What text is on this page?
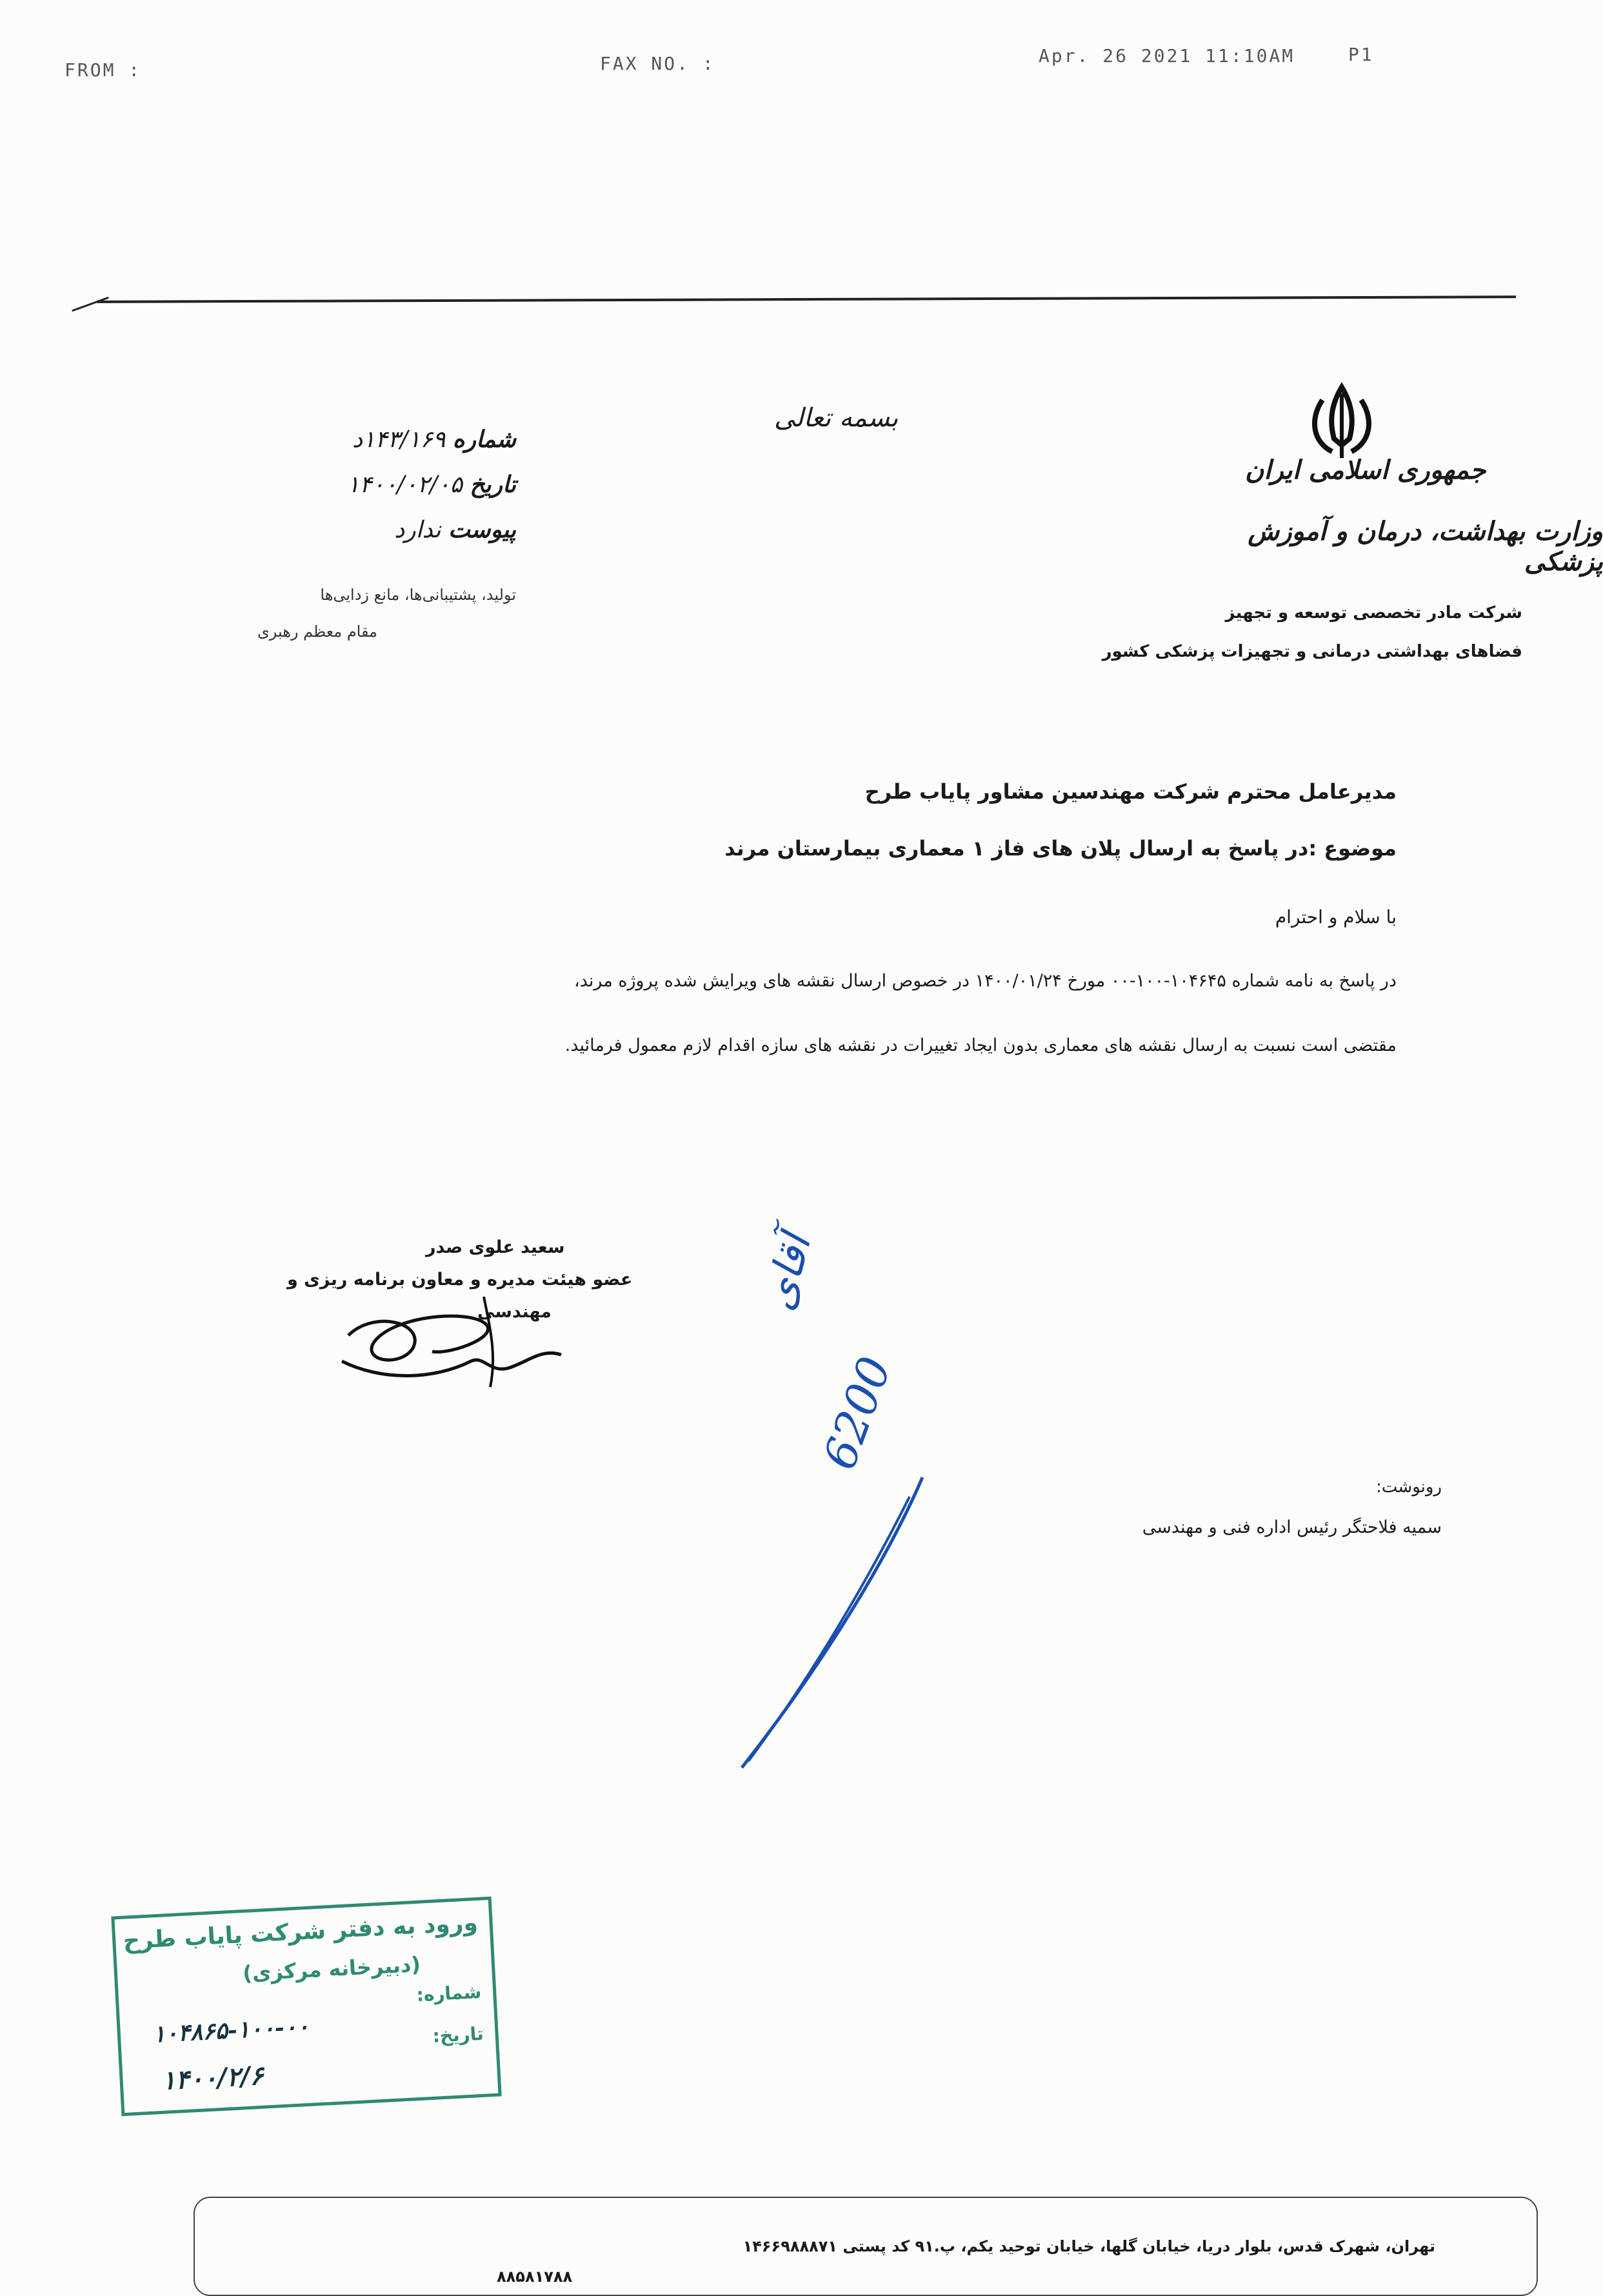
FROM :	FAX NO. :	Apr. 26 2021 11:10AM	P1
بسمه تعالی
جمهوری اسلامی ایران
وزارت بهداشت، درمان و آموزش پزشکی
شرکت مادر تخصصی توسعه و تجهیز
فضاهای بهداشتی درمانی و تجهیزات پزشکی کشور
شماره ۱۴۳/۱۶۹د
تاریخ ۱۴۰۰/۰۲/۰۵
پیوست ندارد
تولید، پشتیبانی‌ها، مانع زدایی‌ها
مقام معظم رهبری
مدیرعامل محترم شرکت مهندسین مشاور پایاب طرح
موضوع :در پاسخ به ارسال پلان های فاز ۱ معماری بیمارستان مرند
با سلام و احترام
در پاسخ به نامه شماره ۱۰۴۶۴۵-۱۰۰-۰۰ مورخ ۱۴۰۰/۰۱/۲۴ در خصوص ارسال نقشه های ویرایش شده پروژه مرند،
مقتضی است نسبت به ارسال نقشه های معماری بدون ایجاد تغییرات در نقشه های سازه اقدام لازم معمول فرمائید.
سعید علوی صدر
عضو هیئت مدیره و معاون برنامه ریزی و
مهندسی	آقای
6200
رونوشت:
سمیه فلاحتگر رئیس اداره فنی و مهندسی
ورود به دفتر شرکت پایاب طرح
(دبیرخانه مرکزی)
شماره:
۱۰۴۸۶۵-۱۰۰-۰۰	تاریخ:
۱۴۰۰/۲/۶
تهران، شهرک قدس، بلوار دریا، خیابان گلها، خیابان توحید یکم، پ.۹۱ کد پستی ۱۴۶۶۹۸۸۸۷۱
۸۸۵۸۱۷۸۸
